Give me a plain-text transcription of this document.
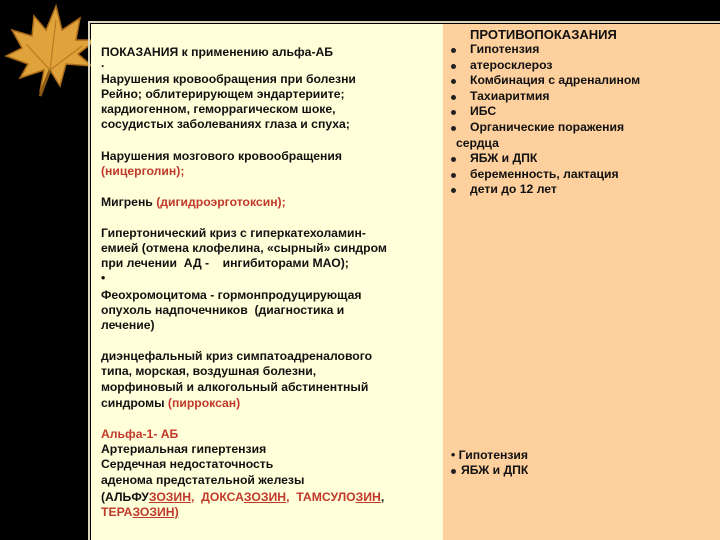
ПОКАЗАНИЯ к применению альфа-АБ
·
Нарушения кровообращения при болезни
Рейно; облитерирующем эндартериите;
кардиогенном, геморрагическом шоке,
сосудистых заболеваниях глаза и спуха;
Нарушения мозгового кровообращения
(ницерголин);
Мигрень (дигидроэрготоксин);
Гипертонический криз с гиперкатехоламин-
емией (отмена клофелина, «сырный» синдром
при лечении  АД -    ингибиторами МАО);
•
Феохромоцитома - гормонпродуцирующая
опухоль надпочечников  (диагностика и
лечение)
диэнцефальный криз симпатоадреналового
типа, морская, воздушная болезни,
морфиновый и алкогольный абстинентный
синдромы (пирроксан)
Альфа-1- АБ
Артериальная гипертензия
Сердечная недостаточность
аденома предстательной железы
(АЛЬФУЗОЗИН,  ДОКСАЗОЗИН,  ТАМСУЛОЗИН,
ТЕРАЗОЗИН)
ПРОТИВОПОКАЗАНИЯ
Гипотензия
атеросклероз
Комбинация с адреналином
Тахиаритмия
ИБС
Органические поражения
сердца
ЯБЖ и ДПК
беременность, лактация
дети до 12 лет
• Гипотензия
ЯБЖ и ДПК
